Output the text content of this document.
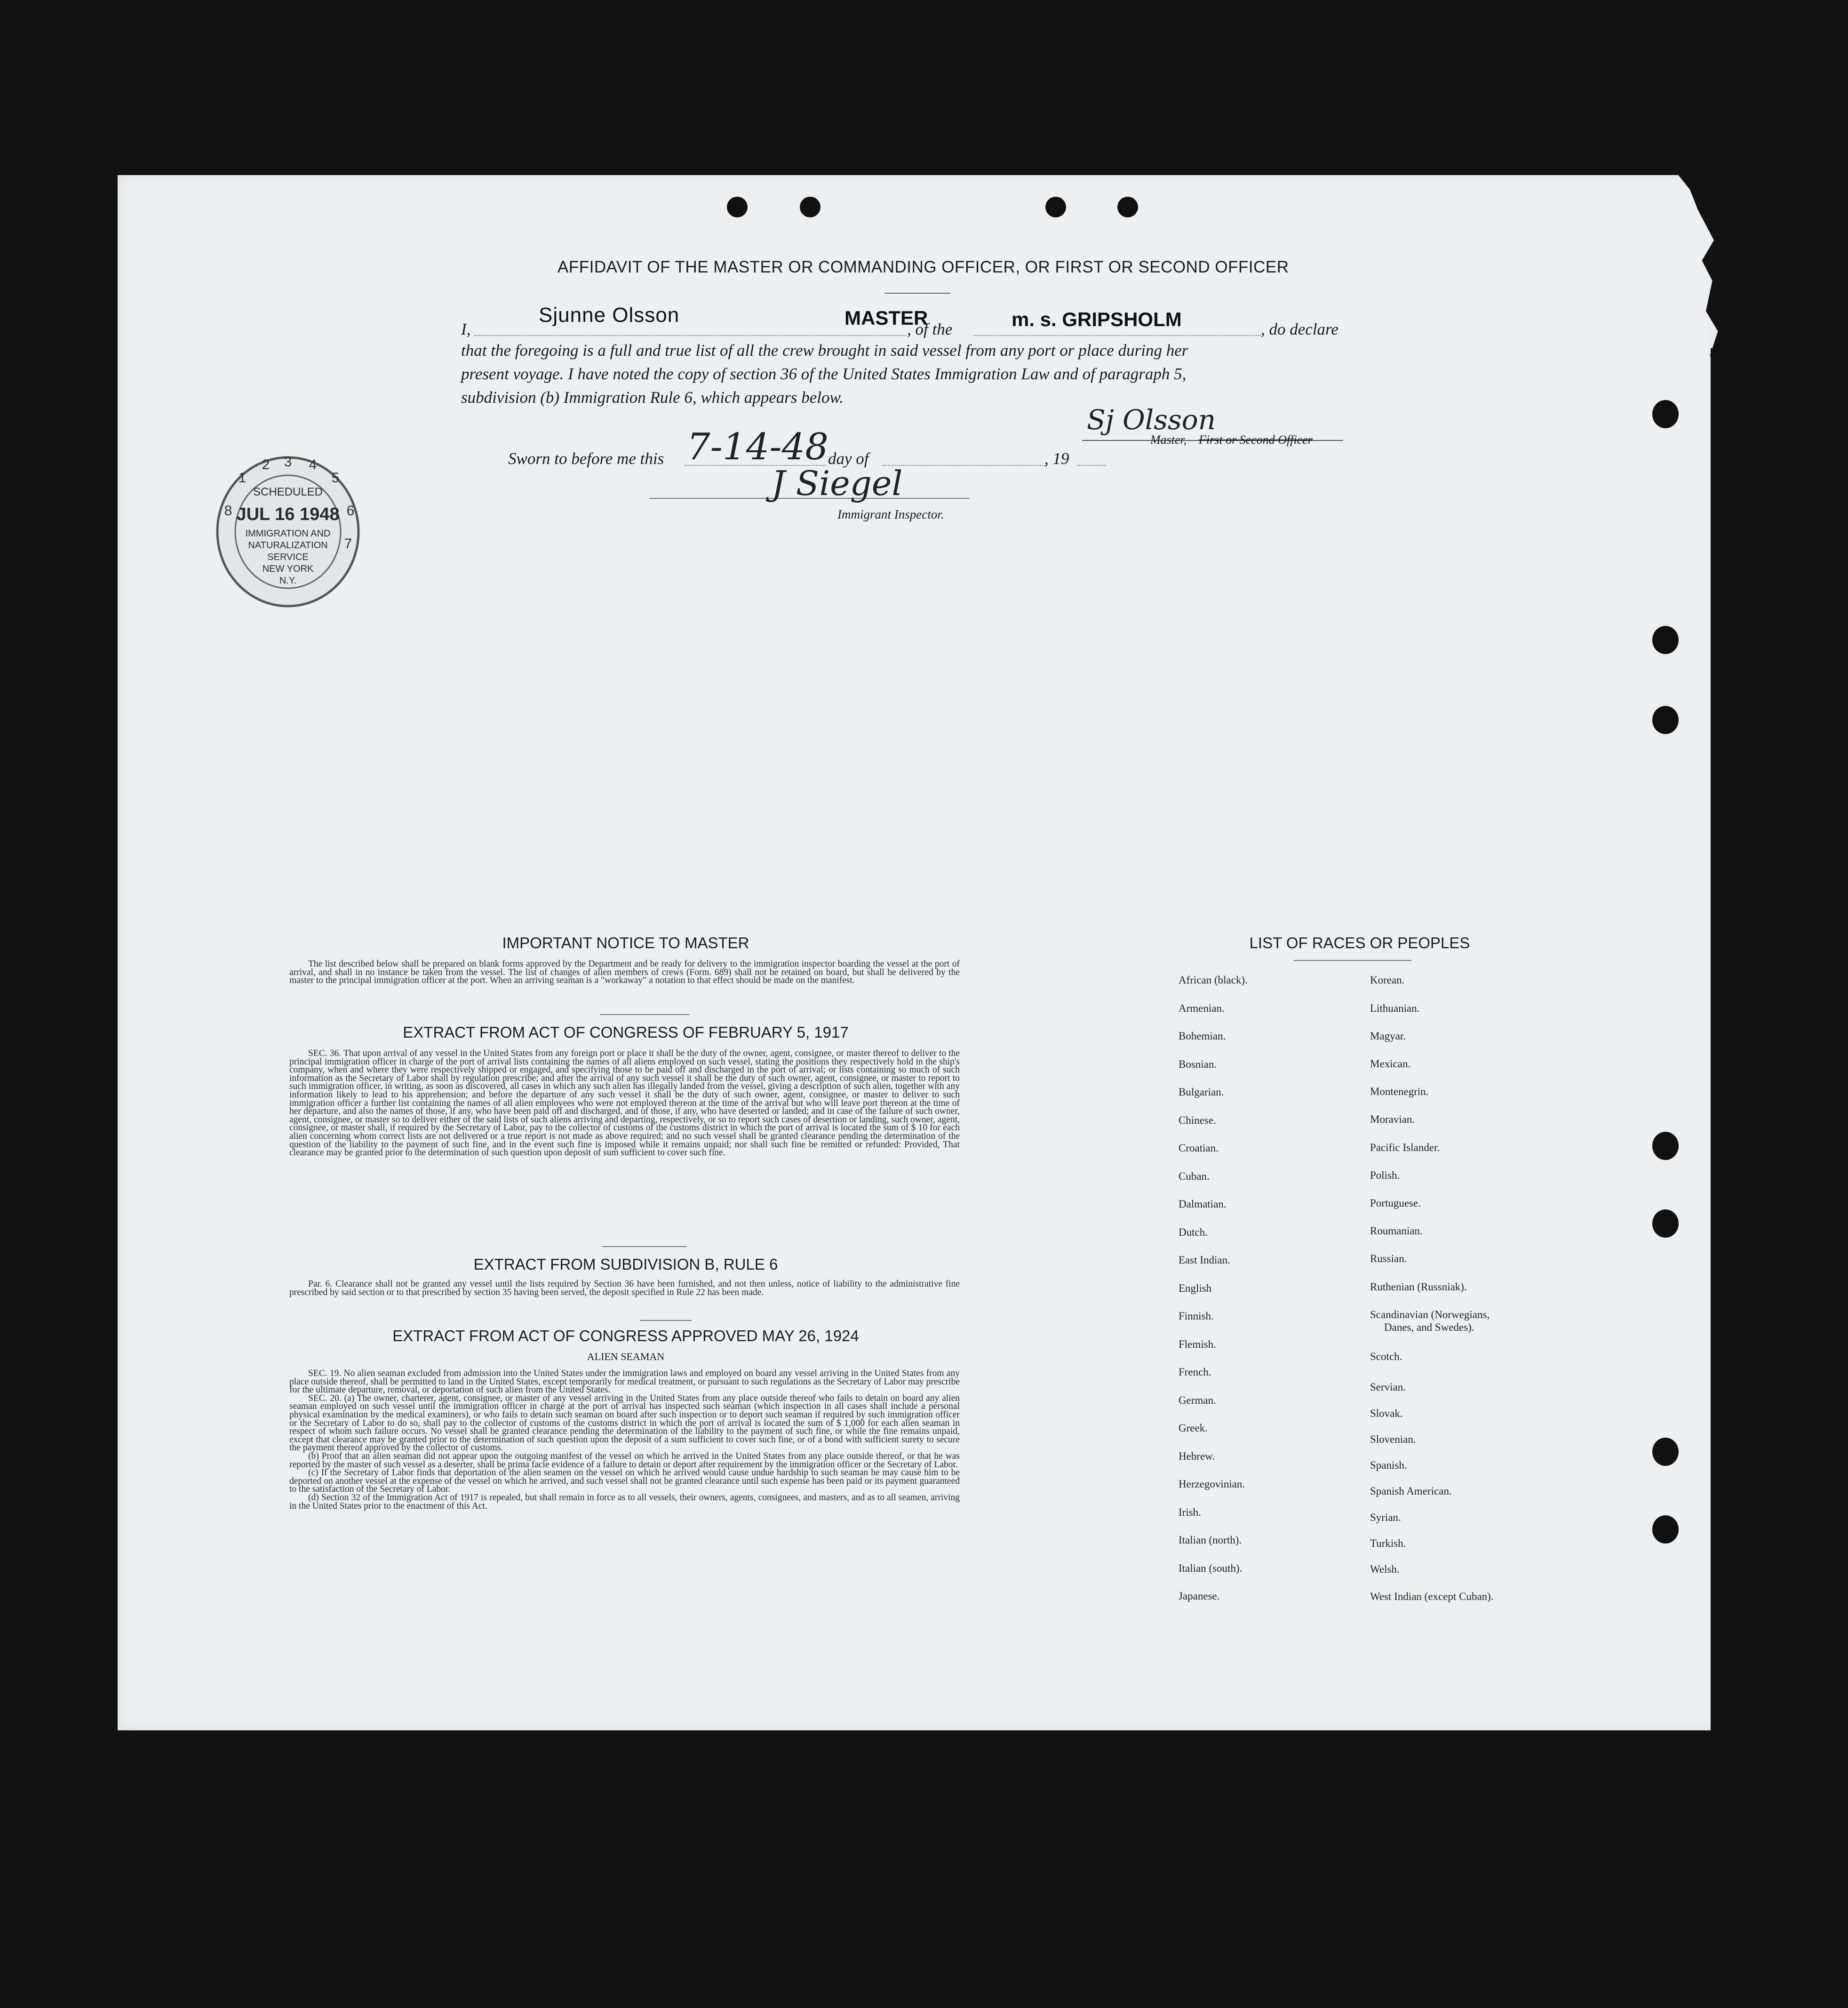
AFFIDAVIT OF THE MASTER OR COMMANDING OFFICER, OR FIRST OR SECOND OFFICER
I,
Sjunne Olsson	MASTER
, of the	m. s. GRIPSHOLM	, do declare
that the foregoing is a full and true list of all the crew brought in said vessel from any port or place during her
present voyage. I have noted the copy of section 36 of the United States Immigration Law and of paragraph 5,
subdivision (b) Immigration Rule 6, which appears below.
Sj Olsson
Master, First or Second Officer
Sworn to before me this 7-14-48 day of	, 19
J Siegel
Immigrant Inspector.
1
2 3 4
5
6
7
8
SCHEDULED
JUL 16 1948
IMMIGRATION AND
NATURALIZATION
SERVICE
NEW YORK
N.Y.
IMPORTANT NOTICE TO MASTER

The list described below shall be prepared on blank forms approved by the Department and be ready for delivery to the immigration inspector boarding the vessel at the port of arrival, and shall in no instance be taken from the vessel. The list of changes of alien members of crews (Form. 689) shall not be retained on board, but shall be delivered by the master to the principal immigration officer at the port. When an arriving seaman is a "workaway" a notation to that effect should be made on the manifest.

EXTRACT FROM ACT OF CONGRESS OF FEBRUARY 5, 1917

SEC. 36. That upon arrival of any vessel in the United States from any foreign port or place it shall be the duty of the owner, agent, consignee, or master thereof to deliver to the principal immigration officer in charge of the port of arrival lists containing the names of all aliens employed on such vessel, stating the positions they respectively hold in the ship's company, when and where they were respectively shipped or engaged, and specifying those to be paid off and discharged in the port of arrival; or lists containing so much of such information as the Secretary of Labor shall by regulation prescribe; and after the arrival of any such vessel it shall be the duty of such owner, agent, consignee, or master to report to such immigration officer, in writing, as soon as discovered, all cases in which any such alien has illegally landed from the vessel, giving a description of such alien, together with any information likely to lead to his apprehension; and before the departure of any such vessel it shall be the duty of such owner, agent, consignee, or master to deliver to such immigration officer a further list containing the names of all alien employees who were not employed thereon at the time of the arrival but who will leave port thereon at the time of her departure, and also the names of those, if any, who have been paid off and discharged, and of those, if any, who have deserted or landed; and in case of the failure of such owner, agent, consignee, or master so to deliver either of the said lists of such aliens arriving and departing, respectively, or so to report such cases of desertion or landing, such owner, agent, consignee, or master shall, if required by the Secretary of Labor, pay to the collector of customs of the customs district in which the port of arrival is located the sum of $ 10 for each alien concerning whom correct lists are not delivered or a true report is not made as above required; and no such vessel shall be granted clearance pending the determination of the question of the liability to the payment of such fine, and in the event such fine is imposed while it remains unpaid; nor shall such fine be remitted or refunded: Provided, That clearance may be granted prior to the determination of such question upon deposit of sum sufficient to cover such fine.

EXTRACT FROM SUBDIVISION B, RULE 6

Par. 6. Clearance shall not be granted any vessel until the lists required by Section 36 have been furnished, and not then unless, notice of liability to the administrative fine prescribed by said section or to that prescribed by section 35 having been served, the deposit specified in Rule 22 has been made.

EXTRACT FROM ACT OF CONGRESS APPROVED MAY 26, 1924
ALIEN SEAMAN

SEC. 19. No alien seaman excluded from admission into the United States under the immigration laws and employed on board any vessel arriving in the United States from any place outside thereof, shall be permitted to land in the United States, except temporarily for medical treatment, or pursuant to such regulations as the Secretary of Labor may prescribe for the ultimate departure, removal, or deportation of such alien from the United States.

SEC. 20. (a) The owner, charterer, agent, consignee, or master of any vessel arriving in the United States from any place outside thereof who fails to detain on board any alien seaman employed on such vessel until the immigration officer in charge at the port of arrival has inspected such seaman (which inspection in all cases shall include a personal physical examination by the medical examiners), or who fails to detain such seaman on board after such inspection or to deport such seaman if required by such immigration officer or the Secretary of Labor to do so, shall pay to the collector of customs of the customs district in which the port of arrival is located the sum of $ 1,000 for each alien seaman in respect of whom such failure occurs. No vessel shall be granted clearance pending the determination of the liability to the payment of such fine, or while the fine remains unpaid, except that clearance may be granted prior to the determination of such question upon the deposit of a sum sufficient to cover such fine, or of a bond with sufficient surety to secure the payment thereof approved by the collector of customs.

(b) Proof that an alien seaman did not appear upon the outgoing manifest of the vessel on which he arrived in the United States from any place outside thereof, or that he was reported by the master of such vessel as a deserter, shall be prima facie evidence of a failure to detain or deport after requirement by the immigration officer or the Secretary of Labor.

(c) If the Secretary of Labor finds that deportation of the alien seamen on the vessel on which he arrived would cause undue hardship to such seaman he may cause him to be deported on another vessel at the expense of the vessel on which he arrived, and such vessel shall not be granted clearance until such expense has been paid or its payment guaranteed to the satisfaction of the Secretary of Labor.

(d) Section 32 of the Immigration Act of 1917 is repealed, but shall remain in force as to all vessels, their owners, agents, consignees, and masters, and as to all seamen, arriving in the United States prior to the enactment of this Act.

LIST OF RACES OR PEOPLES
African (black).
Armenian.
Bohemian.
Bosnian.
Bulgarian.
Chinese.
Croatian.
Cuban.
Dalmatian.
Dutch.
East Indian.
English
Finnish.
Flemish.
French.
German.
Greek.
Hebrew.
Herzegovinian.
Irish.
Italian (north).
Italian (south).
Japanese.
Korean.
Lithuanian.
Magyar.
Mexican.
Montenegrin.
Moravian.
Pacific Islander.
Polish.
Portuguese.
Roumanian.
Russian.
Ruthenian (Russniak).
Scandinavian (Norwegians,
Danes, and Swedes).
Scotch.
Servian.
Slovak.
Slovenian.
Spanish.
Spanish American.
Syrian.
Turkish.
Welsh.
West Indian (except Cuban).
